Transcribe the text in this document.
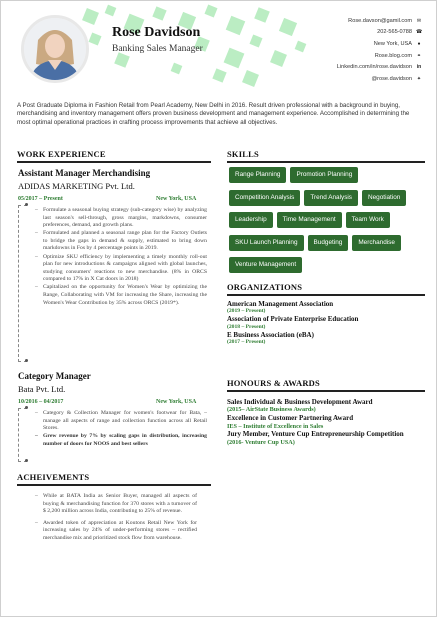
Rose Davidson
Banking Sales Manager
Rose.davson@gamil.com ✉
202-565-0788 ☎
New York, USA ●
Rose.blog.com ⚭
Linkedin.com/in/rose.davidson in
@rose.davidson ✦
A Post Graduate Diploma in Fashion Retail from Pearl Academy, New Delhi in 2016. Result driven professional with a background in buying, merchandising and inventory management offers proven business development and management experience. Accomplished in determining the most optimal operational practices in crafting process improvements that achieve all objectives.
WORK EXPERIENCE
Assistant Manager Merchandising
ADIDAS MARKETING Pvt. Ltd.
05/2017 – Present	New York, USA
– Formulate a seasonal buying strategy (sub-category wise) by analyzing last season's sell-through, gross margins, markdowns, consumer preferences, demand, and growth plans.
– Formulated and planned a seasonal range plan for the Factory Outlets to bridge the gaps in demand & supply, estimated to bring down markdowns in Fos by 4 percentage points in 2019.
– Optimize SKU efficiency by implementing a timely monthly roll-out plan for new introductions & campaigns aligned with global launches, studying consumers' reactions to new merchandise. (8% in ORCS compared to 17% in X Cat doors in 2018)
– Capitalized on the opportunity for Women's Wear by optimizing the Range, Collaborating with VM for increasing the Share, increasing the Women's Wear Contribution by 35% across ORCS (2019*).
Category Manager
Bata Pvt. Ltd.
10/2016 – 04/2017	New York, USA
– Category & Collection Manager for women's footwear for Bata, – manage all aspects of range and collection function across all Retail Stores.
– Grew revenue by 7% by scaling gaps in distribution, increasing number of doors for NOOS and best sellers
ACHEIVEMENTS
– While at BATA India as Senior Buyer, managed all aspects of buying & merchandising function for 370 stores with a turnover of $ 2,200 million across India, contributing to 25% of revenue.
– Awarded token of appreciation at Koutons Retail New York for increasing sales by 24% of under-performing stores – rectified merchandise mix and prioritized stock flow from warehouse.
SKILLS
Range Planning	Promotion Planning
Competition Analysis	Trend Analysis	Negotiation
Leadership	Time Management	Team Work
SKU Launch Planning	Budgeting	Merchandise
Venture Management
ORGANIZATIONS
American Management Association
(2019 – Present)
Association of Private Enterprise Education
(2018 – Present)
E Business Association (eBA)
(2017 – Present)
HONOURS & AWARDS
Sales Individual & Business Development Award
(2015– AirState Business Awards)
Excellence in Customer Partnering Award
IES – Institute of Excellence in Sales
Jury Member, Venture Cup Entrepreneurship Competition
(2016- Venture Cup USA)
